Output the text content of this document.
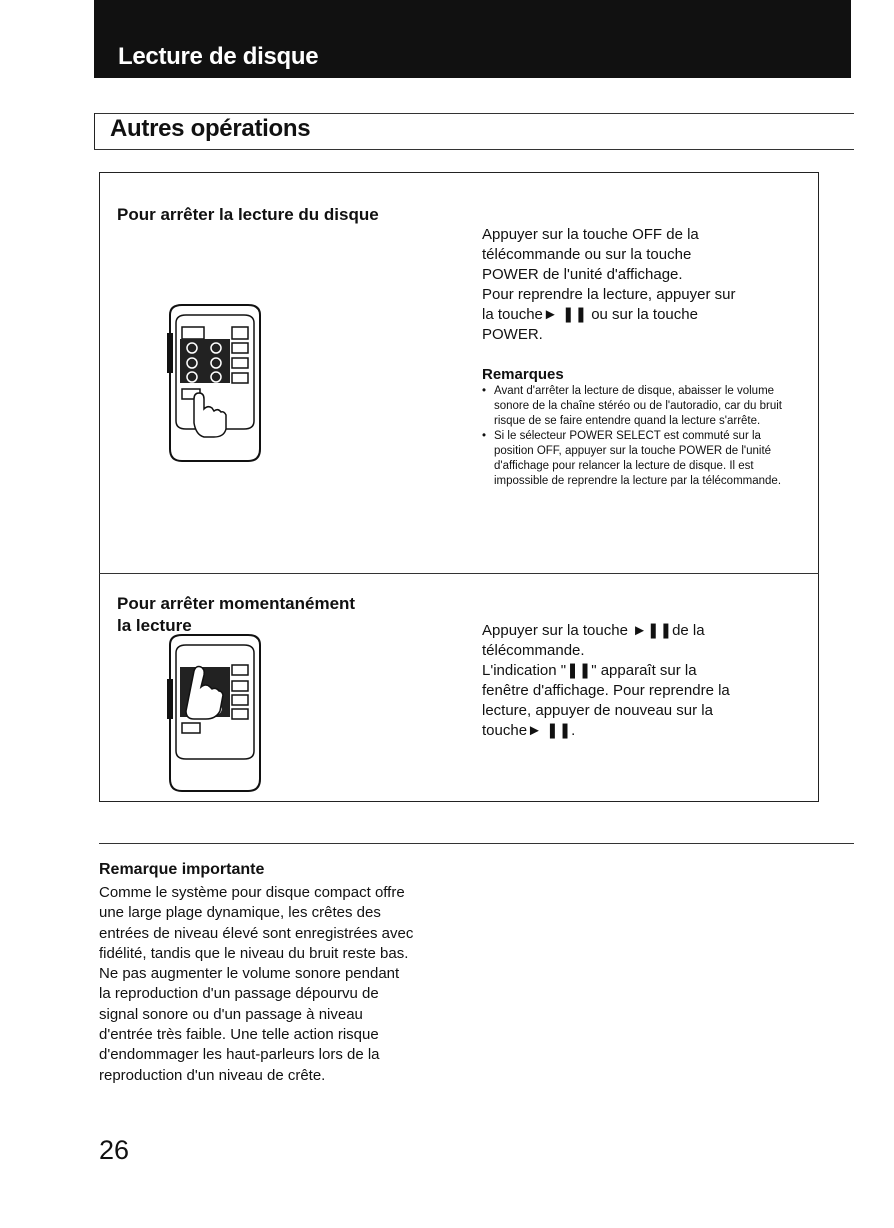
Lecture de disque
Autres opérations
Pour arrêter la lecture du disque

Appuyer sur la touche OFF de la

télécommande ou sur la touche

POWER de l'unité d'affichage.

Pour reprendre la lecture, appuyer sur

la touche► ❚❚ ou sur la touche

POWER.

Remarques
• Avant d'arrêter la lecture de disque, abaisser le volume sonore de la chaîne stéréo ou de l'autoradio, car du bruit risque de se faire entendre quand la lecture s'arrête.
• Si le sélecteur POWER SELECT est commuté sur la position OFF, appuyer sur la touche POWER de l'unité d'affichage pour relancer la lecture de disque. Il est impossible de reprendre la lecture par la télécommande.
Pour arrêter momentanément
la lecture	Appuyer sur la touche ►❚❚de la

télécommande.

L'indication "❚❚" apparaît sur la

fenêtre d'affichage. Pour reprendre la

lecture, appuyer de nouveau sur la

touche► ❚❚.

Remarque importante
Comme le système pour disque compact offre
une large plage dynamique, les crêtes des
entrées de niveau élevé sont enregistrées avec
fidélité, tandis que le niveau du bruit reste bas.
Ne pas augmenter le volume sonore pendant
la reproduction d'un passage dépourvu de
signal sonore ou d'un passage à niveau
d'entrée très faible. Une telle action risque
d'endommager les haut-parleurs lors de la
reproduction d'un niveau de crête.
26
